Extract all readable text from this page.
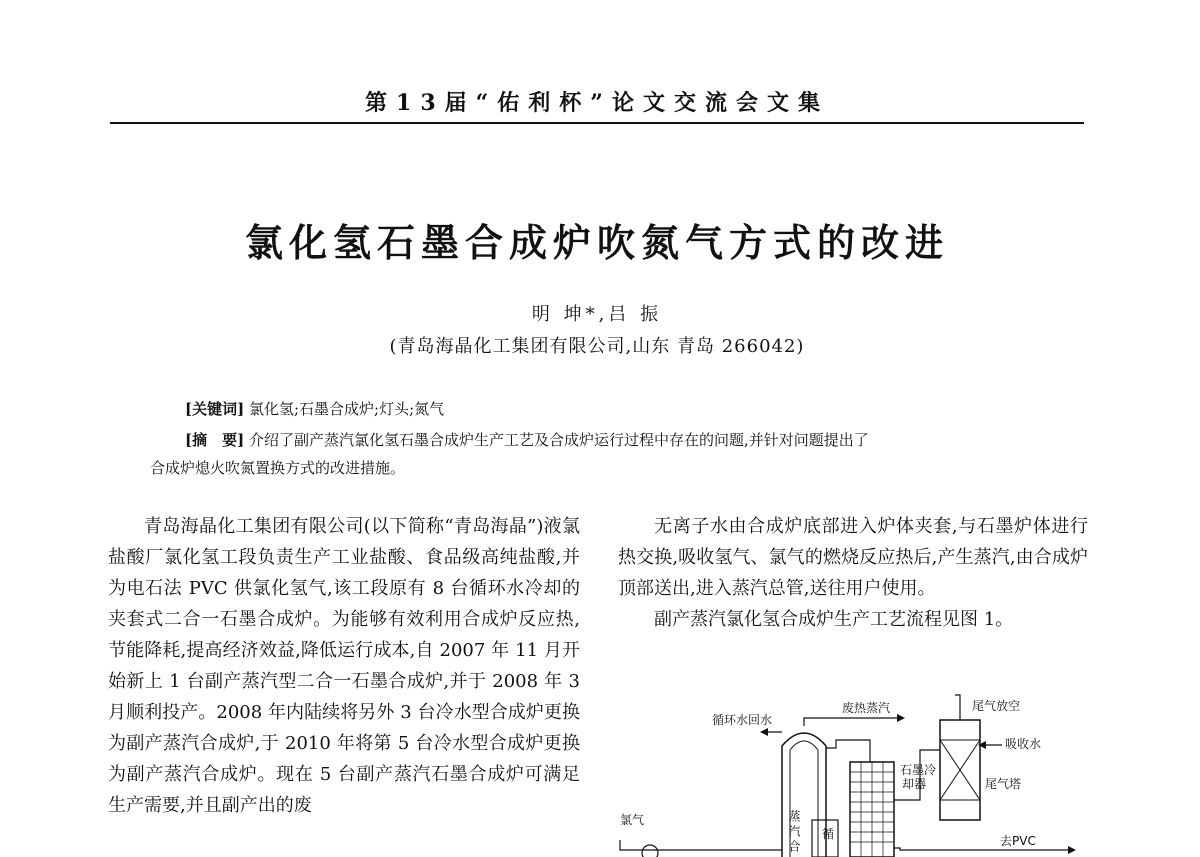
第13届“佑利杯”论文交流会文集
氯化氢石墨合成炉吹氮气方式的改进
明 坤*,吕 振
(青岛海晶化工集团有限公司,山东 青岛 266042)
[关键词] 氯化氢;石墨合成炉;灯头;氮气
[摘　要] 介绍了副产蒸汽氯化氢石墨合成炉生产工艺及合成炉运行过程中存在的问题,并针对问题提出了
合成炉熄火吹氮置换方式的改进措施。

青岛海晶化工集团有限公司(以下简称“青岛海晶”)液氯盐酸厂氯化氢工段负责生产工业盐酸、食品级高纯盐酸,并为电石法 PVC 供氯化氢气,该工段原有 8 台循环水冷却的夹套式二合一石墨合成炉。为能够有效利用合成炉反应热,节能降耗,提高经济效益,降低运行成本,自 2007 年 11 月开始新上 1 台副产蒸汽型二合一石墨合成炉,并于 2008 年 3 月顺利投产。2008 年内陆续将另外 3 台冷水型合成炉更换为副产蒸汽合成炉,于 2010 年将第 5 台冷水型合成炉更换为副产蒸汽合成炉。现在 5 台副产蒸汽石墨合成炉可满足生产需要,并且副产出的废

无离子水由合成炉底部进入炉体夹套,与石墨炉体进行热交换,吸收氢气、氯气的燃烧反应热后,产生蒸汽,由合成炉顶部送出,进入蒸汽总管,送往用户使用。

副产蒸汽氯化氢合成炉生产工艺流程见图 1。

循环水回水
废热蒸汽	尾气放空
吸收水
石墨冷
却器	尾气塔
氯气
去PVC
循
蒸汽合
